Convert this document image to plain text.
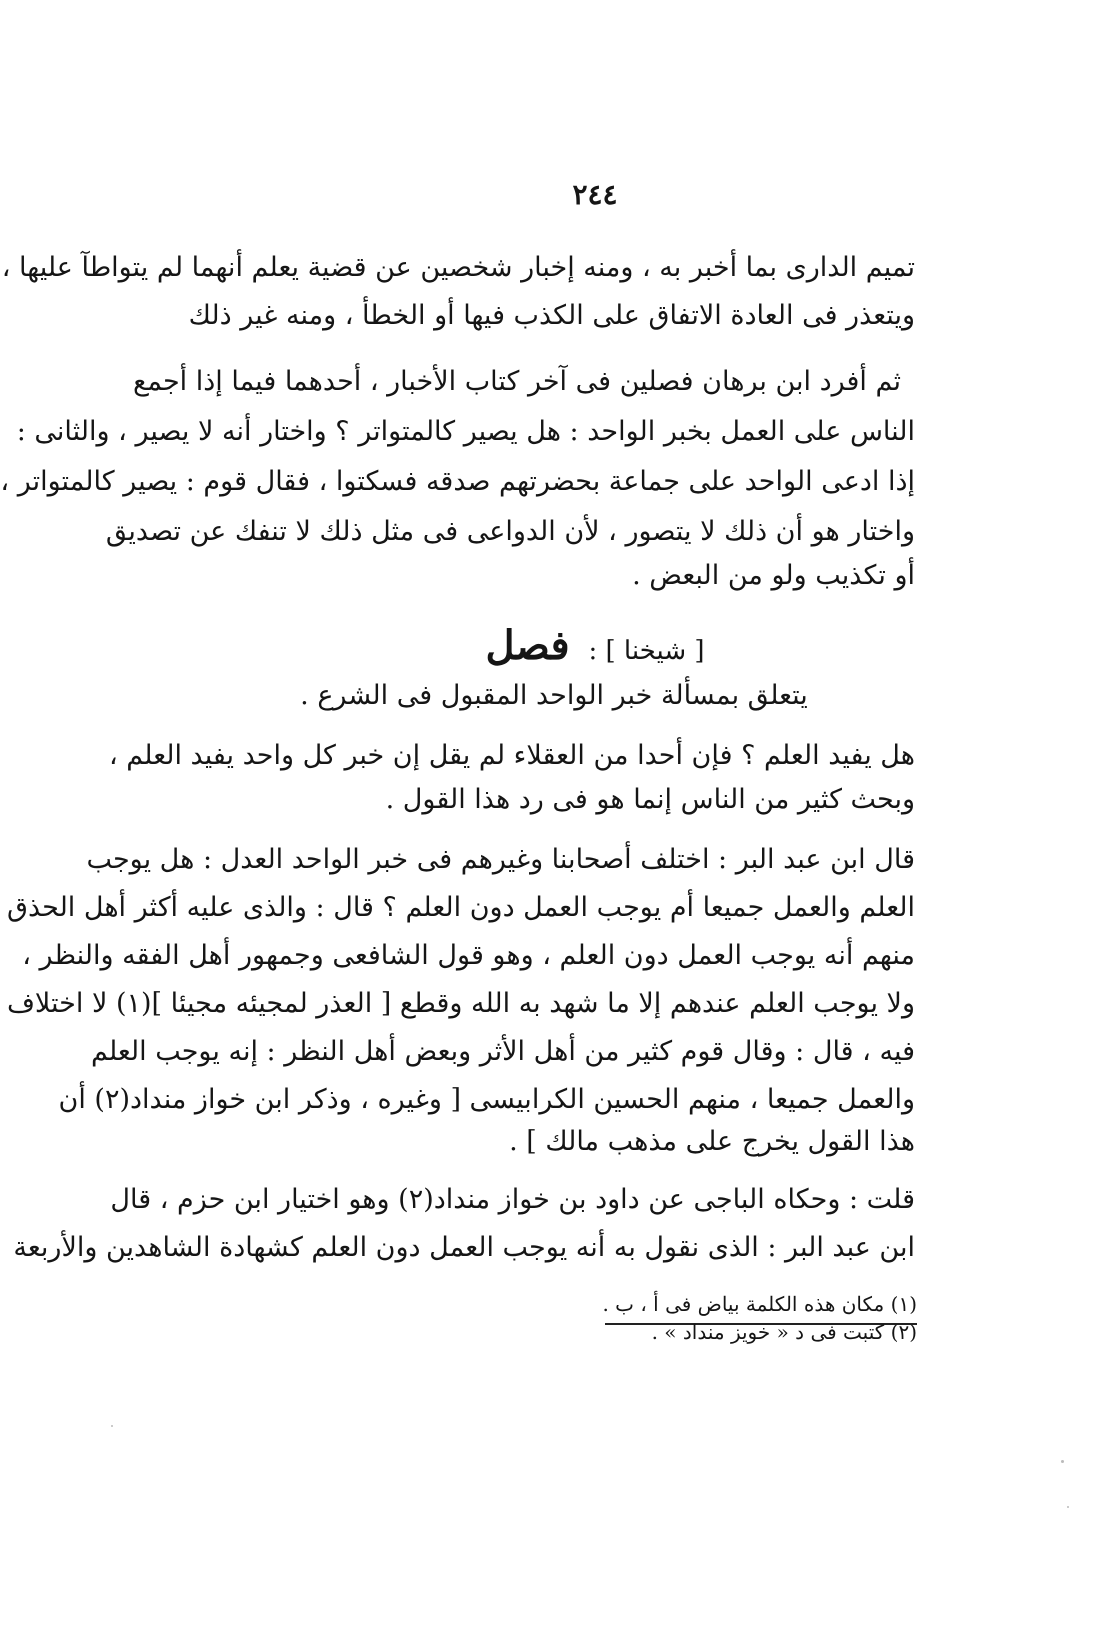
٢٤٤
تميم الدارى بما أخبر به ، ومنه إخبار شخصين عن قضية يعلم أنهما لم يتواطآ عليها ،
ويتعذر فى العادة الاتفاق على الكذب فيها أو الخطأ ، ومنه غير ذلك
ثم أفرد ابن برهان فصلين فى آخر كتاب الأخبار ، أحدهما فيما إذا أجمع
الناس على العمل بخبر الواحد : هل يصير كالمتواتر ؟ واختار أنه لا يصير ، والثانى :
إذا ادعى الواحد على جماعة بحضرتهم صدقه فسكتوا ، فقال قوم : يصير كالمتواتر ،
واختار هو أن ذلك لا يتصور ، لأن الدواعى فى مثل ذلك لا تنفك عن تصديق
أو تكذيب ولو من البعض .
[ شيخنا ] : فصل
يتعلق بمسألة خبر الواحد المقبول فى الشرع .
هل يفيد العلم ؟ فإن أحدا من العقلاء لم يقل إن خبر كل واحد يفيد العلم ،
وبحث كثير من الناس إنما هو فى رد هذا القول .
قال ابن عبد البر : اختلف أصحابنا وغيرهم فى خبر الواحد العدل : هل يوجب
العلم والعمل جميعا أم يوجب العمل دون العلم ؟ قال : والذى عليه أكثر أهل الحذق
منهم أنه يوجب العمل دون العلم ، وهو قول الشافعى وجمهور أهل الفقه والنظر ،
ولا يوجب العلم عندهم إلا ما شهد به الله وقطع [ العذر لمجيئه مجيئا ](١) لا اختلاف
فيه ، قال : وقال قوم كثير من أهل الأثر وبعض أهل النظر : إنه يوجب العلم
والعمل جميعا ، منهم الحسين الكرابيسى [ وغيره ، وذكر ابن خواز منداد(٢) أن
هذا القول يخرج على مذهب مالك ] .
قلت : وحكاه الباجى عن داود بن خواز منداد(٢) وهو اختيار ابن حزم ، قال
ابن عبد البر : الذى نقول به أنه يوجب العمل دون العلم كشهادة الشاهدين والأربعة
(١) مكان هذه الكلمة بياض فى أ ، ب .
(٢) كتبت فى د « خويز منداد » .
